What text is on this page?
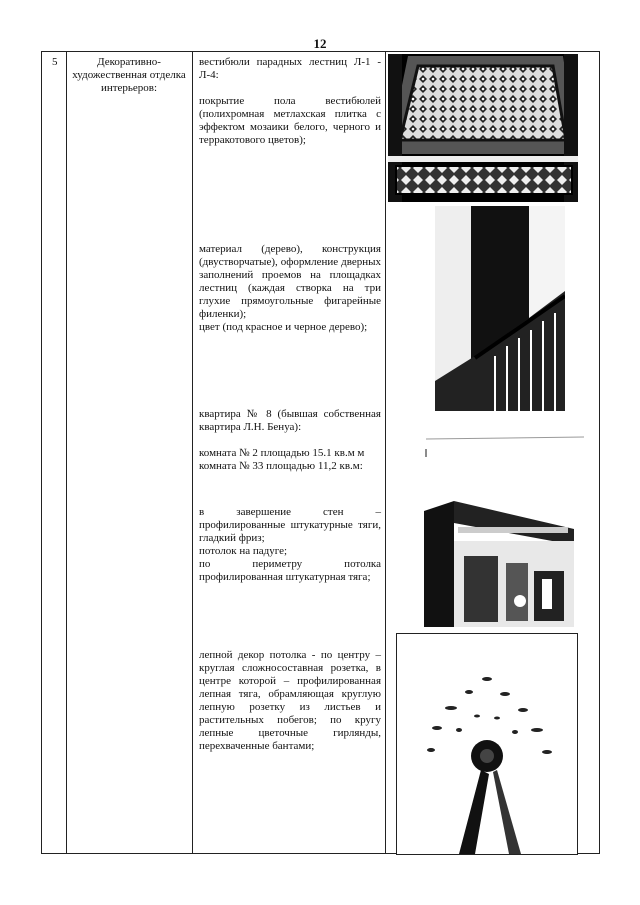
12
5	Декоративно-художественная отделка интерьеров:
вестибюли парадных лестниц Л-1 - Л-4:

покрытие пола вестибюлей (полихромная метлахская плитка с эффектом мозаики белого, черного и терракотового цветов);
материал (дерево), конструкция (двустворчатые), оформление дверных заполнений проемов на площадках лестниц (каждая створка на три глухие прямоугольные фигарейные филенки);
цвет (под красное и черное дерево);
квартира № 8 (бывшая собственная квартира Л.Н. Бенуа):

комната № 2 площадью 15.1 кв.м м
комната № 33 площадью 11,2 кв.м:
в завершение стен – профилированные штукатурные тяги, гладкий фриз;
потолок на падуге;
по периметру потолка профилированная штукатурная тяга;
лепной декор потолка - по центру – круглая сложносоставная розетка, в центре которой – профилированная лепная тяга, обрамляющая круглую лепную розетку из листьев и растительных побегов; по кругу лепные цветочные гирлянды, перехваченные бантами;
